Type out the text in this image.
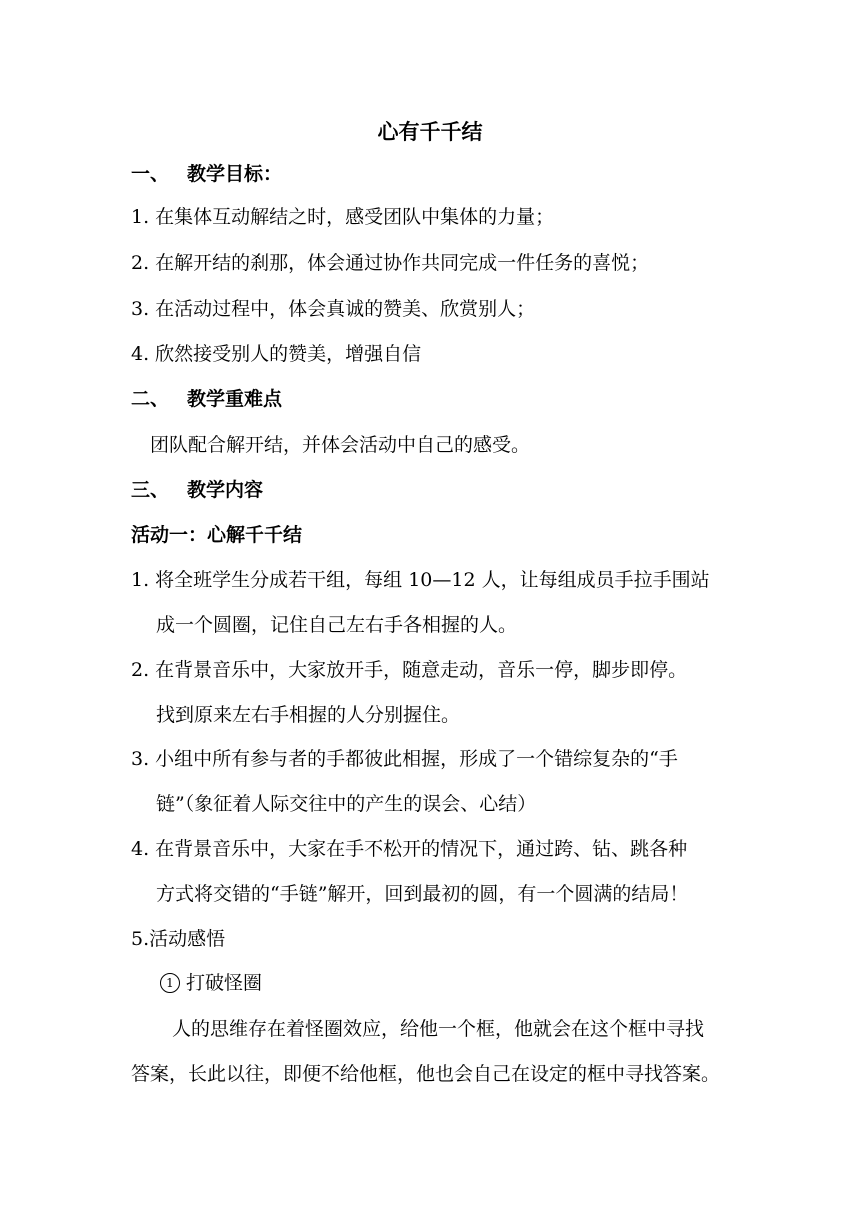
心有千千结
一、 教学目标：
1. 在集体互动解结之时，感受团队中集体的力量；
2. 在解开结的刹那，体会通过协作共同完成一件任务的喜悦；
3. 在活动过程中，体会真诚的赞美、欣赏别人；
4. 欣然接受别人的赞美，增强自信
二、 教学重难点
团队配合解开结，并体会活动中自己的感受。
三、 教学内容
活动一：心解千千结
1. 将全班学生分成若干组，每组 10—12 人，让每组成员手拉手围站
成一个圆圈，记住自己左右手各相握的人。
2. 在背景音乐中，大家放开手，随意走动，音乐一停，脚步即停。
找到原来左右手相握的人分别握住。
3. 小组中所有参与者的手都彼此相握，形成了一个错综复杂的“手
链”（象征着人际交往中的产生的误会、心结）
4. 在背景音乐中，大家在手不松开的情况下，通过跨、钻、跳各种
方式将交错的“手链”解开，回到最初的圆，有一个圆满的结局！
5.活动感悟
1 打破怪圈
人的思维存在着怪圈效应，给他一个框，他就会在这个框中寻找
答案，长此以往，即便不给他框，他也会自己在设定的框中寻找答案。
